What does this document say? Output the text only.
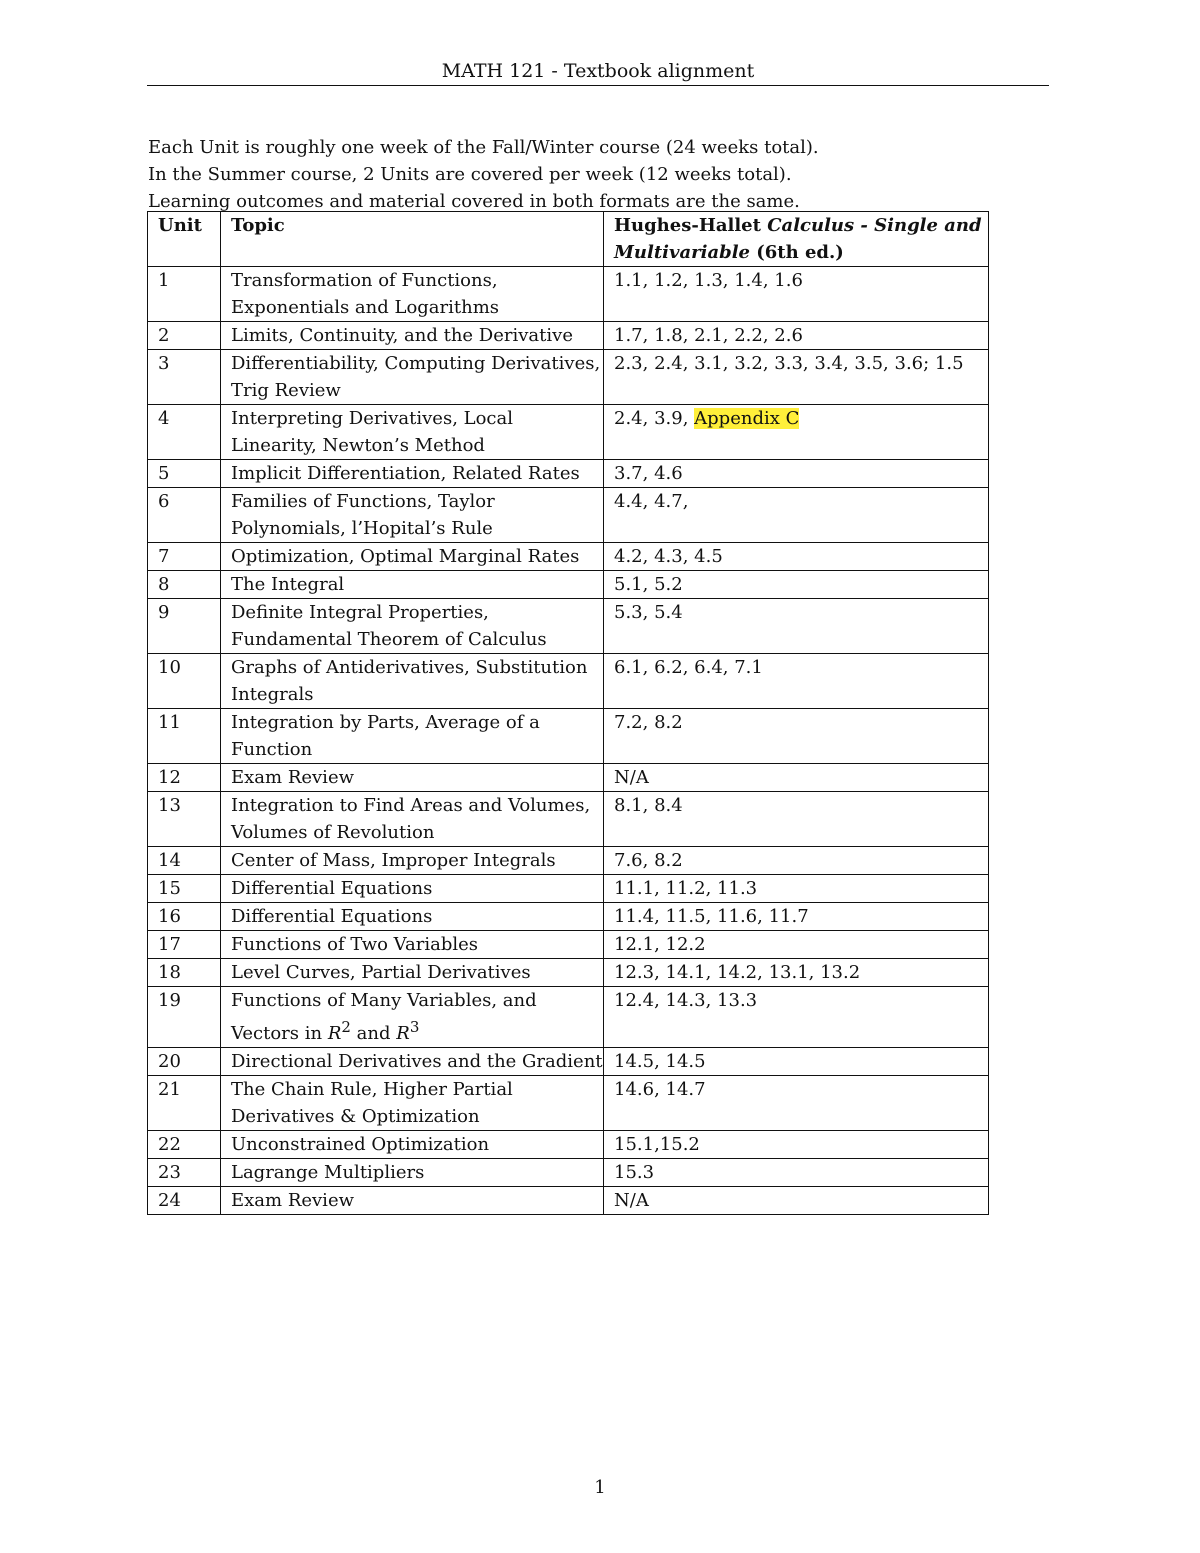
MATH 121 - Textbook alignment

Each Unit is roughly one week of the Fall/Winter course (24 weeks total).

In the Summer course, 2 Units are covered per week (12 weeks total).

Learning outcomes and material covered in both formats are the same.

Unit	Topic	Hughes-Hallet Calculus - Single and Multivariable (6th ed.)
1	Transformation of Functions, Exponentials and Logarithms	1.1, 1.2, 1.3, 1.4, 1.6
2	Limits, Continuity, and the Derivative	1.7, 1.8, 2.1, 2.2, 2.6
3	Differentiability, Computing Derivatives, Trig Review	2.3, 2.4, 3.1, 3.2, 3.3, 3.4, 3.5, 3.6; 1.5
4	Interpreting Derivatives, Local Linearity, Newton’s Method	2.4, 3.9, Appendix C
5	Implicit Differentiation, Related Rates	3.7, 4.6
6	Families of Functions, Taylor Polynomials, l’Hopital’s Rule	4.4, 4.7,
7	Optimization, Optimal Marginal Rates	4.2, 4.3, 4.5
8	The Integral	5.1, 5.2
9	Definite Integral Properties, Fundamental Theorem of Calculus	5.3, 5.4
10	Graphs of Antiderivatives, Substitution Integrals	6.1, 6.2, 6.4, 7.1
11	Integration by Parts, Average of a Function	7.2, 8.2
12	Exam Review	N/A
13	Integration to Find Areas and Volumes, Volumes of Revolution	8.1, 8.4
14	Center of Mass, Improper Integrals	7.6, 8.2
15	Differential Equations	11.1, 11.2, 11.3
16	Differential Equations	11.4, 11.5, 11.6, 11.7
17	Functions of Two Variables	12.1, 12.2
18	Level Curves, Partial Derivatives	12.3, 14.1, 14.2, 13.1, 13.2
19	Functions of Many Variables, and Vectors in $R^2$ and $R^3$	12.4, 14.3, 13.3
20	Directional Derivatives and the Gradient	14.5, 14.5
21	The Chain Rule, Higher Partial Derivatives & Optimization	14.6, 14.7
22	Unconstrained Optimization	15.1,15.2
23	Lagrange Multipliers	15.3
24	Exam Review	N/A
1
